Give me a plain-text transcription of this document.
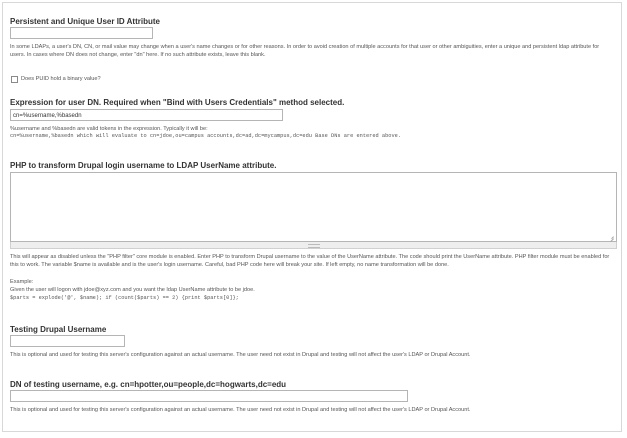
Persistent and Unique User ID Attribute
In some LDAPs, a user's DN, CN, or mail value may change when a user's name changes or for other reasons. In order to avoid creation of multiple accounts for that user or other ambiguities, enter a unique and persistent ldap attribute for users. In cases where DN does not change, enter "dn" here. If no such attribute exists, leave this blank.
Does PUID hold a binary value?
Expression for user DN. Required when "Bind with Users Credentials" method selected.
cn=%username,%basedn
%username and %basedn are valid tokens in the expression. Typically it will be:
cn=%username,%basedn which will evaluate to cn=jdoe,ou=campus accounts,dc=ad,dc=mycampus,dc=edu Base DNs are entered above.
PHP to transform Drupal login username to LDAP UserName attribute.
This will appear as disabled unless the "PHP filter" core module is enabled. Enter PHP to transform Drupal username to the value of the UserName attribute. The code should print the UserName attribute. PHP filter module must be enabled for this to work. The variable $name is available and is the user's login username. Careful, bad PHP code here will break your site. If left empty, no name transformation will be done.
Example:
Given the user will logon with jdoe@xyz.com and you want the ldap UserName attribute to be jdoe.
$parts = explode('@', $name); if (count($parts) == 2) {print $parts[0]};
Testing Drupal Username
This is optional and used for testing this server's configuration against an actual username. The user need not exist in Drupal and testing will not affect the user's LDAP or Drupal Account.
DN of testing username, e.g. cn=hpotter,ou=people,dc=hogwarts,dc=edu
This is optional and used for testing this server's configuration against an actual username. The user need not exist in Drupal and testing will not affect the user's LDAP or Drupal Account.
